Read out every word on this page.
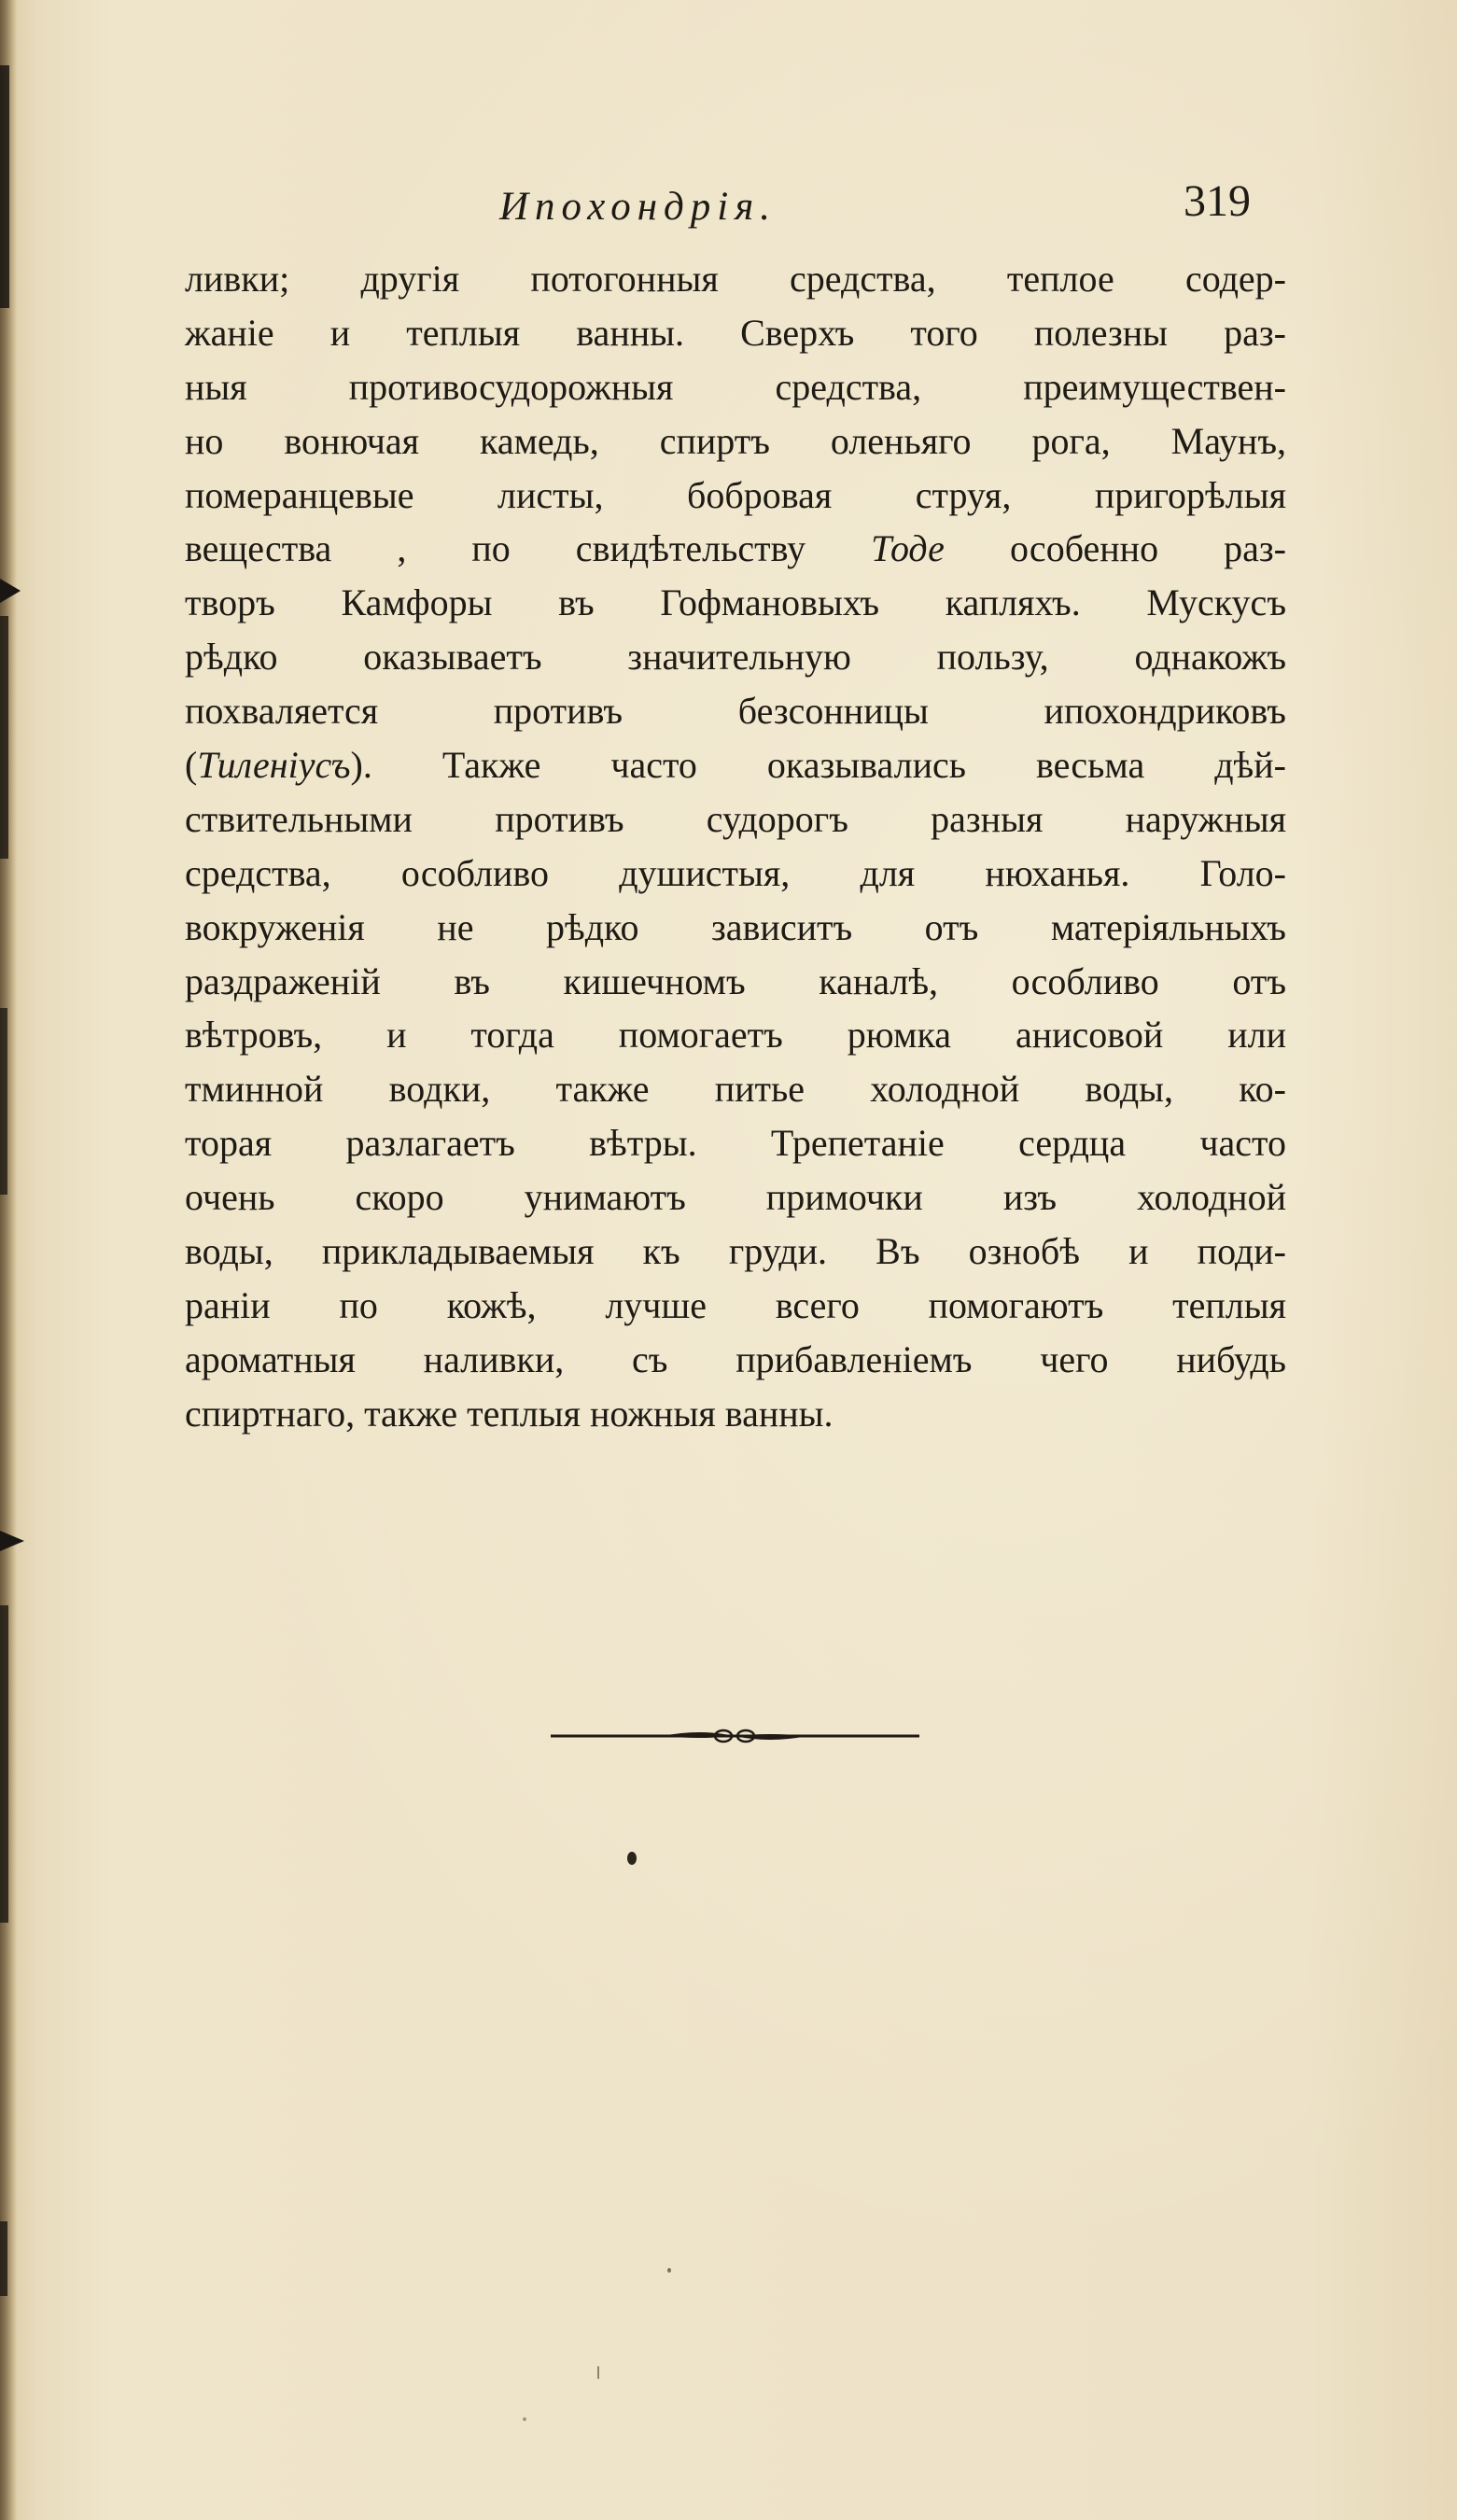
Ипохондрiя.	319
ливки; другiя потогонныя средства, теплое содер-
жанiе и теплыя ванны. Сверхъ того полезны раз-
ныя противосудорожныя средства, преимуществен-
но вонючая камедь, спиртъ оленьяго рога, Маунъ,
померанцевые листы, бобровая струя, пригорѣлыя
вещества , по свидѣтельству Тоде особенно раз-
творъ Камфоры въ Гофмановыхъ капляхъ. Мускусъ
рѣдко оказываетъ значительную пользу, однакожъ
похваляется противъ безсонницы ипохондриковъ
(Тиленiусъ). Также часто оказывались весьма дѣй-
ствительными противъ судорогъ разныя наружныя
средства, особливо душистыя, для нюханья. Голо-
вокруженiя не рѣдко зависитъ отъ матерiяльныхъ
раздраженiй въ кишечномъ каналѣ, особливо отъ
вѣтровъ, и тогда помогаетъ рюмка анисовой или
тминной водки, также питье холодной воды, ко-
торая разлагаетъ вѣтры. Трепетанiе сердца часто
очень скоро унимаютъ примочки изъ холодной
воды, прикладываемыя къ груди. Въ ознобѣ и поди-
ранiи по кожѣ, лучше всего помогаютъ теплыя
ароматныя наливки, съ прибавленiемъ чего нибудь
спиртнаго, также теплыя ножныя ванны.
